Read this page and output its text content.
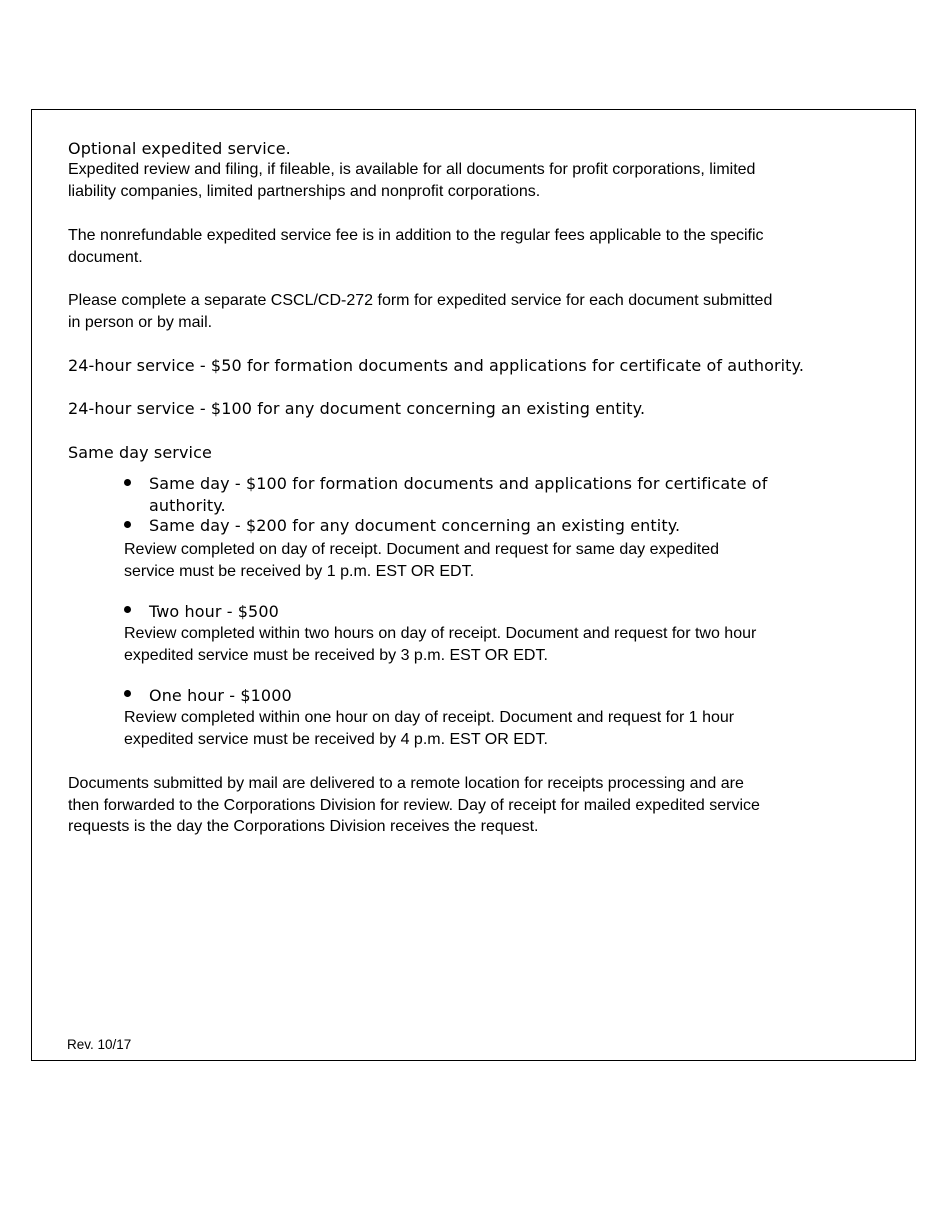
Optional expedited service.
Expedited review and filing, if fileable, is available for all documents for profit corporations, limited
liability companies, limited partnerships and nonprofit corporations.
The nonrefundable expedited service fee is in addition to the regular fees applicable to the specific
document.
Please complete a separate CSCL/CD-272 form for expedited service for each document submitted
in person or by mail.
24-hour service - $50 for formation documents and applications for certificate of authority.
24-hour service - $100 for any document concerning an existing entity.
Same day service
Same day - $100 for formation documents and applications for certificate of
authority.
Same day - $200 for any document concerning an existing entity.
Review completed on day of receipt. Document and request for same day expedited
service must be received by 1 p.m. EST OR EDT.
Two hour - $500
Review completed within two hours on day of receipt. Document and request for two hour
expedited service must be received by 3 p.m. EST OR EDT.
One hour - $1000
Review completed within one hour on day of receipt. Document and request for 1 hour
expedited service must be received by 4 p.m. EST OR EDT.
Documents submitted by mail are delivered to a remote location for receipts processing and are
then forwarded to the Corporations Division for review. Day of receipt for mailed expedited service
requests is the day the Corporations Division receives the request.
Rev. 10/17
